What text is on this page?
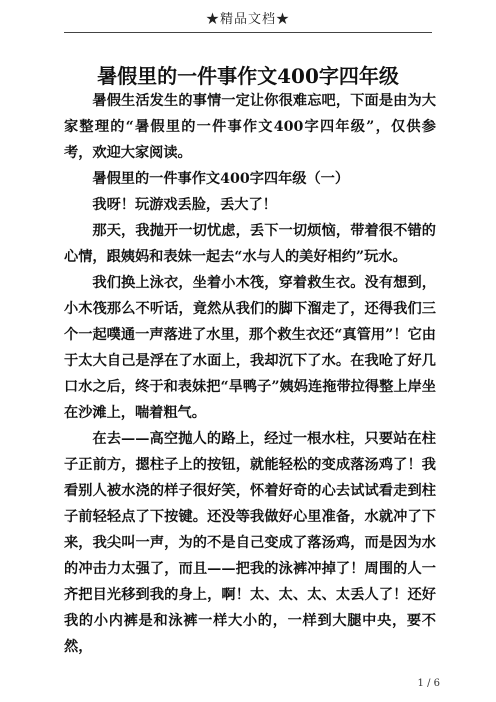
★精品文档★
暑假里的一件事作文400字四年级

暑假生活发生的事情一定让你很难忘吧，下面是由为大家整理的“暑假里的一件事作文400字四年级”，仅供参考，欢迎大家阅读。

暑假里的一件事作文400字四年级（一）

我呀！玩游戏丢脸，丢大了！

那天，我抛开一切忧虑，丢下一切烦恼，带着很不错的心情，跟姨妈和表妹一起去“水与人的美好相约”玩水。

我们换上泳衣，坐着小木筏，穿着救生衣。没有想到，小木筏那么不听话，竟然从我们的脚下溜走了，还得我们三个一起噗通一声落进了水里，那个救生衣还“真管用”！它由于太大自己是浮在了水面上，我却沉下了水。在我呛了好几口水之后，终于和表妹把“旱鸭子”姨妈连拖带拉得整上岸坐在沙滩上，喘着粗气。

在去——高空抛人的路上，经过一根水柱，只要站在柱子正前方，摁柱子上的按钮，就能轻松的变成落汤鸡了！我看别人被水浇的样子很好笑，怀着好奇的心去试试看走到柱子前轻轻点了下按键。还没等我做好心里准备，水就冲了下来，我尖叫一声，为的不是自己变成了落汤鸡，而是因为水的冲击力太强了，而且——把我的泳裤冲掉了！周围的人一齐把目光移到我的身上，啊！太、太、太、太丢人了！还好我的小内裤是和泳裤一样大小的，一样到大腿中央，要不然，

1 / 6
